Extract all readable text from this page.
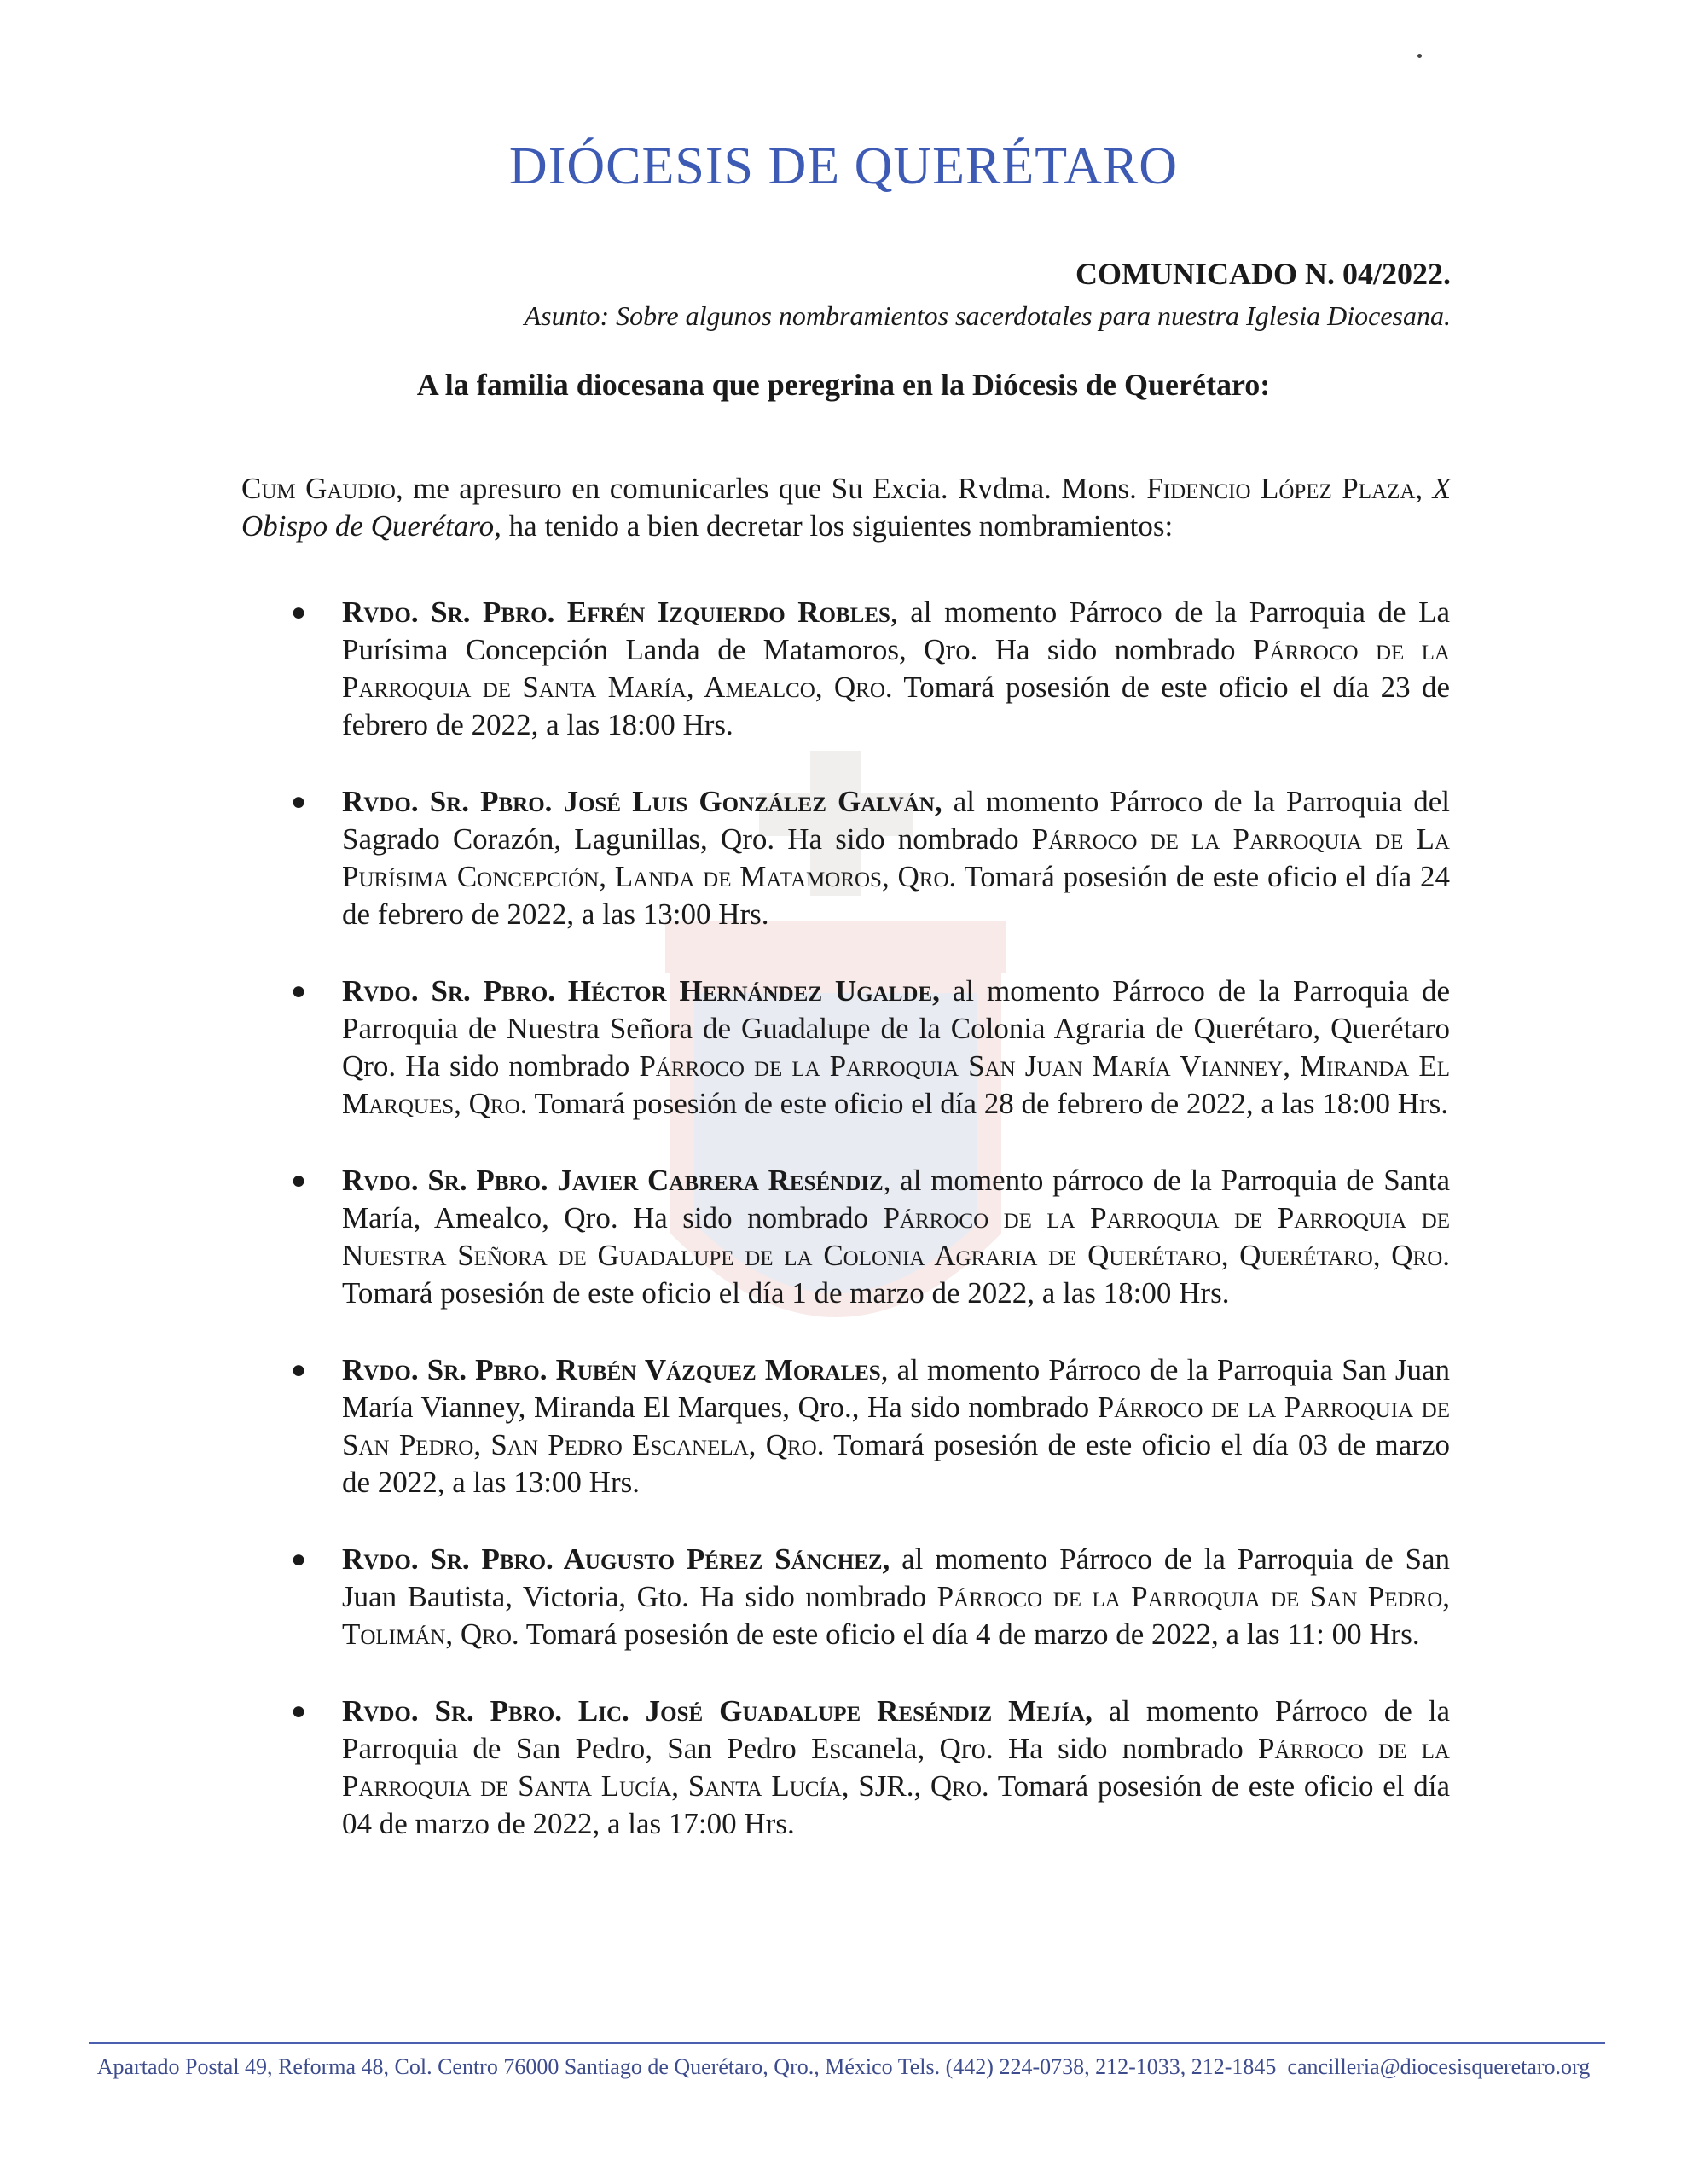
DIÓCESIS DE QUERÉTARO
COMUNICADO N. 04/2022.
Asunto: Sobre algunos nombramientos sacerdotales para nuestra Iglesia Diocesana.
A la familia diocesana que peregrina en la Diócesis de Querétaro:

Cum Gaudio, me apresuro en comunicarles que Su Excia. Rvdma. Mons. Fidencio López Plaza, X Obispo de Querétaro, ha tenido a bien decretar los siguientes nombramientos:

● Rvdo. Sr. Pbro. Efrén Izquierdo Robles, al momento Párroco de la Parroquia de La Purísima Concepción Landa de Matamoros, Qro. Ha sido nombrado Párroco de la Parroquia de Santa María, Amealco, Qro. Tomará posesión de este oficio el día 23 de febrero de 2022, a las 18:00 Hrs.
● Rvdo. Sr. Pbro. José Luis González Galván, al momento Párroco de la Parroquia del Sagrado Corazón, Lagunillas, Qro. Ha sido nombrado Párroco de la Parroquia de La Purísima Concepción, Landa de Matamoros, Qro. Tomará posesión de este oficio el día 24 de febrero de 2022, a las 13:00 Hrs.
● Rvdo. Sr. Pbro. Héctor Hernández Ugalde, al momento Párroco de la Parroquia de Parroquia de Nuestra Señora de Guadalupe de la Colonia Agraria de Querétaro, Querétaro Qro. Ha sido nombrado Párroco de la Parroquia San Juan María Vianney, Miranda El Marques, Qro. Tomará posesión de este oficio el día 28 de febrero de 2022, a las 18:00 Hrs.
● Rvdo. Sr. Pbro. Javier Cabrera Reséndiz, al momento párroco de la Parroquia de Santa María, Amealco, Qro. Ha sido nombrado Párroco de la Parroquia de Parroquia de Nuestra Señora de Guadalupe de la Colonia Agraria de Querétaro, Querétaro, Qro. Tomará posesión de este oficio el día 1 de marzo de 2022, a las 18:00 Hrs.
● Rvdo. Sr. Pbro. Rubén Vázquez Morales, al momento Párroco de la Parroquia San Juan María Vianney, Miranda El Marques, Qro., Ha sido nombrado Párroco de la Parroquia de San Pedro, San Pedro Escanela, Qro. Tomará posesión de este oficio el día 03 de marzo de 2022, a las 13:00 Hrs.
● Rvdo. Sr. Pbro. Augusto Pérez Sánchez, al momento Párroco de la Parroquia de San Juan Bautista, Victoria, Gto. Ha sido nombrado Párroco de la Parroquia de San Pedro, Tolimán, Qro. Tomará posesión de este oficio el día 4 de marzo de 2022, a las 11: 00 Hrs.
● Rvdo. Sr. Pbro. Lic. José Guadalupe Reséndiz Mejía, al momento Párroco de la Parroquia de San Pedro, San Pedro Escanela, Qro. Ha sido nombrado Párroco de la Parroquia de Santa Lucía, Santa Lucía, SJR., Qro. Tomará posesión de este oficio el día 04 de marzo de 2022, a las 17:00 Hrs.
Apartado Postal 49, Reforma 48, Col. Centro 76000 Santiago de Querétaro, Qro., México Tels. (442) 224-0738, 212-1033, 212-1845 cancilleria@diocesisqueretaro.org
